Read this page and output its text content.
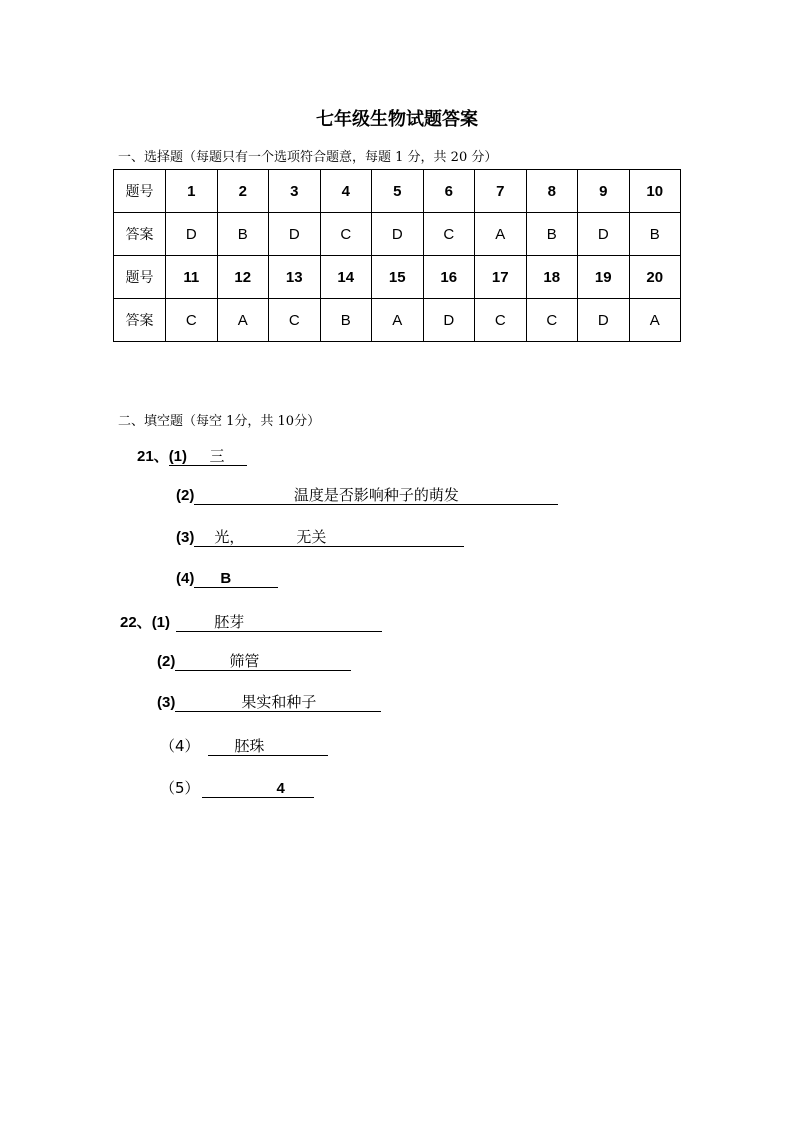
七年级生物试题答案
一、选择题（每题只有一个选项符合题意，每题 1 分，共 20 分）
题号	1	2	3	4	5	6	7	8	9	10
答案	D	B	D	C	D	C	A	B	D	B
题号	11	12	13	14	15	16	17	18	19	20
答案	C	A	C	B	A	D	C	C	D	A
二、填空题（每空 1分，共 10分）
21、(1) 三
(2)	温度是否影响种子的萌发
(3) 光，	无关
(4) B
22、(1)	胚芽
(2)	筛管
(3)	果实和种子
（4） 胚珠
（5）	4
